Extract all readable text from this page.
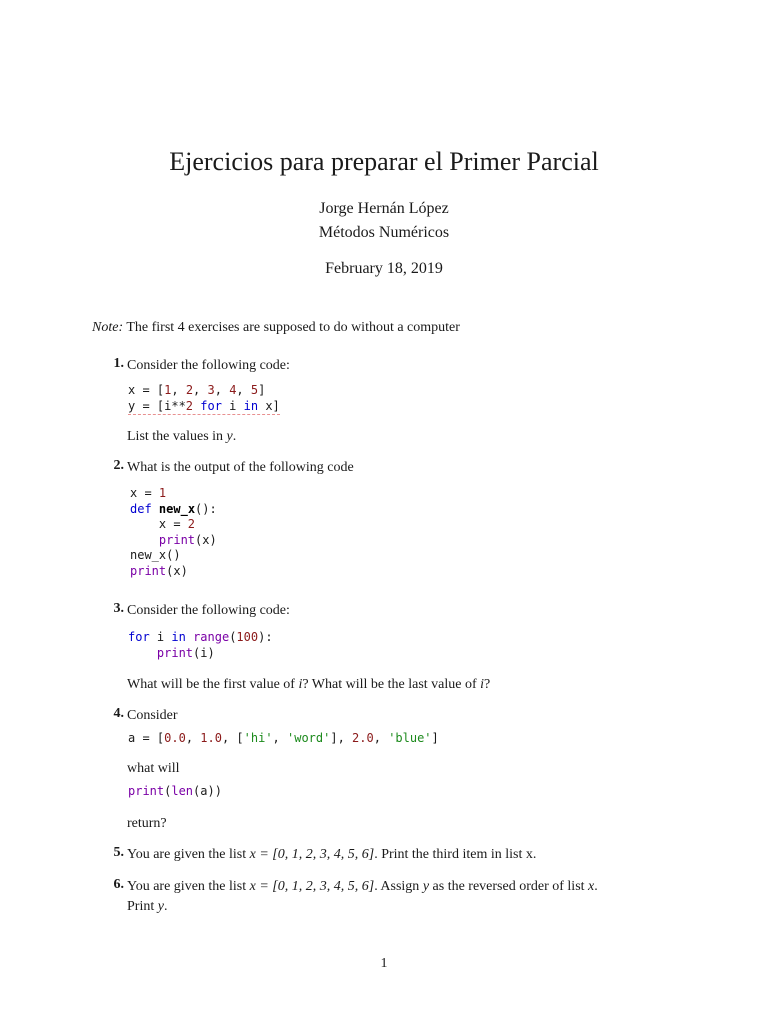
Ejercicios para preparar el Primer Parcial
Jorge Hernán López
Métodos Numéricos
February 18, 2019
Note: The first 4 exercises are supposed to do without a computer
1. Consider the following code:
x = [1, 2, 3, 4, 5]
y = [i**2 for i in x]
List the values in y.
2. What is the output of the following code
x = 1
def new_x():
x = 2
print(x)
new_x()
print(x)
3. Consider the following code:
for i in range(100):
print(i)
What will be the first value of i? What will be the last value of i?
4. Consider
a = [0.0, 1.0, ['hi', 'word'], 2.0, 'blue']
what will
print(len(a))
return?
5. You are given the list x = [0, 1, 2, 3, 4, 5, 6]. Print the third item in list x.
6. You are given the list x = [0, 1, 2, 3, 4, 5, 6]. Assign y as the reversed order of list x.
Print y.
1
